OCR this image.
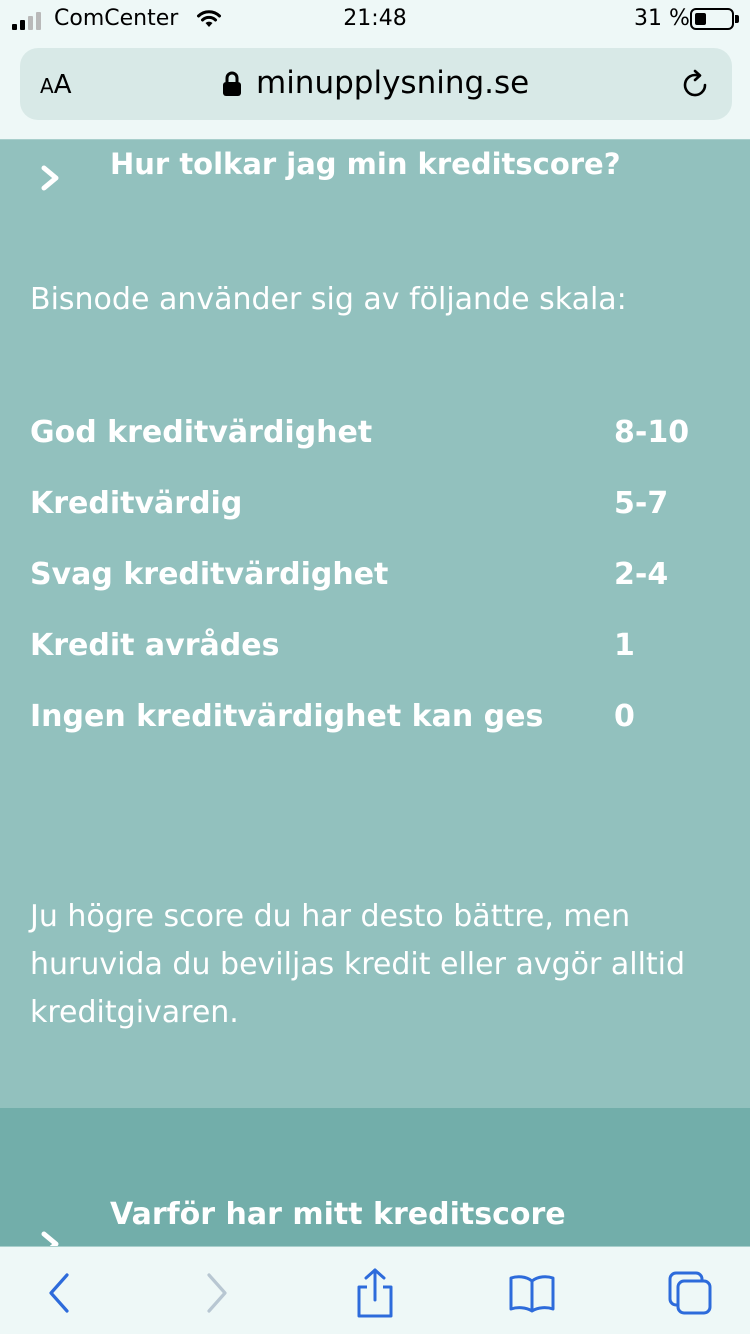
ComCenter	21:48	31 %
AA	minupplysning.se
Hur tolkar jag min kreditscore?
Bisnode använder sig av följande skala:
God kreditvärdighet	8-10
Kreditvärdig	5-7
Svag kreditvärdighet	2-4
Kredit avrådes	1
Ingen kreditvärdighet kan ges 0
Ju högre score du har desto bättre, men huruvida du beviljas kredit eller avgör alltid kreditgivaren.
Varför har mitt kreditscore
